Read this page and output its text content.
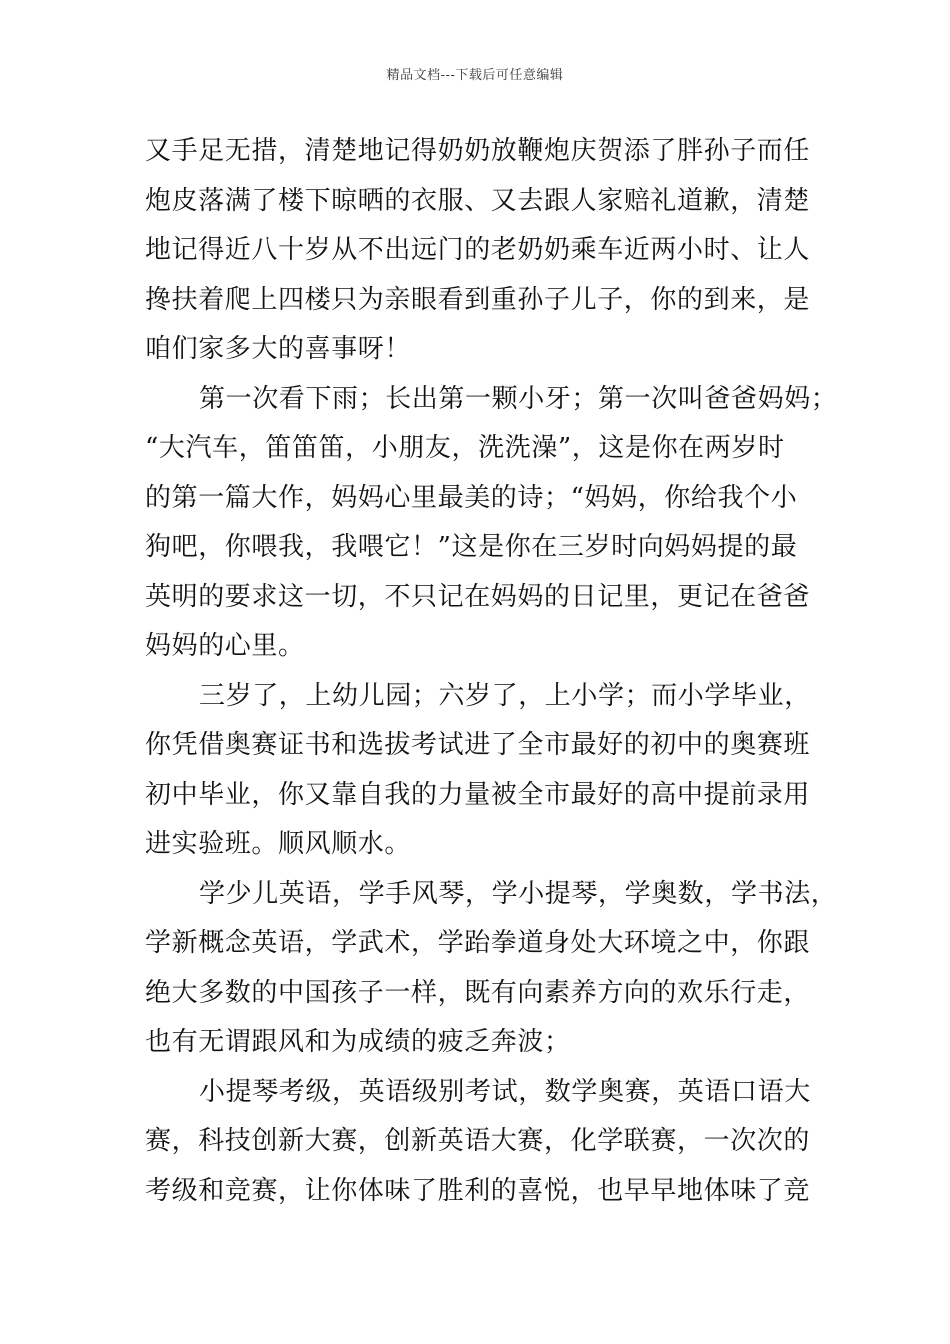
精品文档---下载后可任意编辑
又手足无措，清楚地记得奶奶放鞭炮庆贺添了胖孙子而任
炮皮落满了楼下晾晒的衣服、又去跟人家赔礼道歉，清楚
地记得近八十岁从不出远门的老奶奶乘车近两小时、让人
搀扶着爬上四楼只为亲眼看到重孙子儿子，你的到来，是
咱们家多大的喜事呀！
第一次看下雨；长出第一颗小牙；第一次叫爸爸妈妈；
“大汽车，笛笛笛，小朋友，洗洗澡”，这是你在两岁时
的第一篇大作，妈妈心里最美的诗；“妈妈，你给我个小
狗吧，你喂我，我喂它！”这是你在三岁时向妈妈提的最
英明的要求这一切，不只记在妈妈的日记里，更记在爸爸
妈妈的心里。
三岁了，上幼儿园；六岁了，上小学；而小学毕业，
你凭借奥赛证书和选拔考试进了全市最好的初中的奥赛班
初中毕业，你又靠自我的力量被全市最好的高中提前录用
进实验班。顺风顺水。
学少儿英语，学手风琴，学小提琴，学奥数，学书法，
学新概念英语，学武术，学跆拳道身处大环境之中，你跟
绝大多数的中国孩子一样，既有向素养方向的欢乐行走，
也有无谓跟风和为成绩的疲乏奔波；
小提琴考级，英语级别考试，数学奥赛，英语口语大
赛，科技创新大赛，创新英语大赛，化学联赛，一次次的
考级和竞赛，让你体味了胜利的喜悦，也早早地体味了竞
